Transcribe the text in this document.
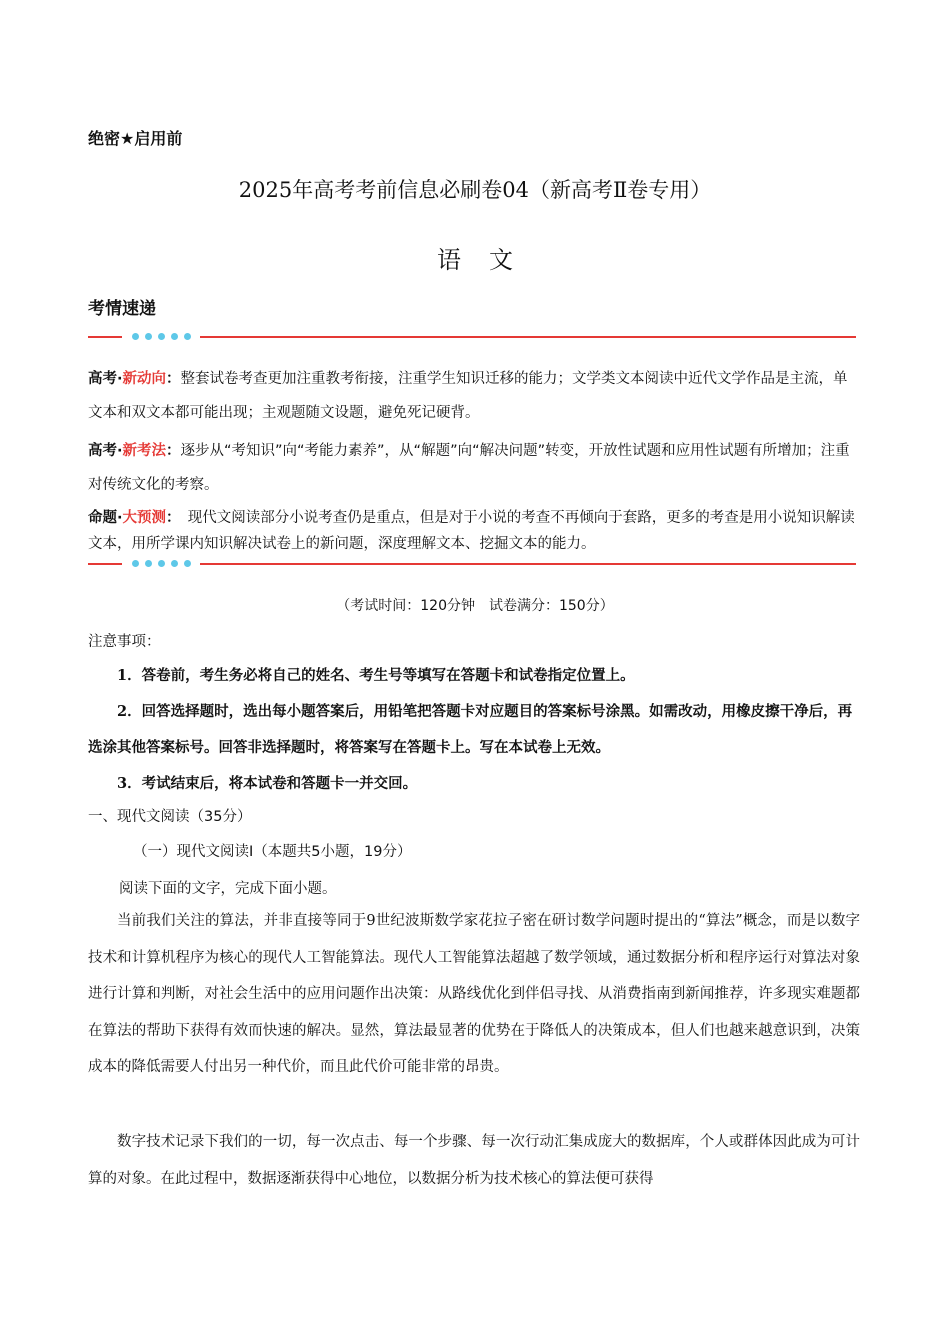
绝密★启用前
2025年高考考前信息必刷卷04（新高考Ⅱ卷专用）
语文
考情速递
高考·新动向：整套试卷考查更加注重教考衔接，注重学生知识迁移的能力；文学类文本阅读中近代文学作品是主流，单文本和双文本都可能出现；主观题随文设题，避免死记硬背。
高考·新考法：逐步从“考知识”向“考能力素养”，从“解题”向“解决问题”转变，开放性试题和应用性试题有所增加；注重对传统文化的考察。
命题·大预测：　 现代文阅读部分小说考查仍是重点，但是对于小说的考查不再倾向于套路，更多的考查是用小说知识解读文本，用所学课内知识解决试卷上的新问题，深度理解文本、挖掘文本的能力。
（考试时间：120分钟　试卷满分：150分）
注意事项：
1．答卷前，考生务必将自己的姓名、考生号等填写在答题卡和试卷指定位置上。
2．回答选择题时，选出每小题答案后，用铅笔把答题卡对应题目的答案标号涂黑。如需改动，用橡皮擦干净后，再选涂其他答案标号。回答非选择题时，将答案写在答题卡上。写在本试卷上无效。
3．考试结束后，将本试卷和答题卡一并交回。
一、现代文阅读（35分）
（一）现代文阅读Ⅰ（本题共5小题，19分）
阅读下面的文字，完成下面小题。
当前我们关注的算法，并非直接等同于9世纪波斯数学家花拉子密在研讨数学问题时提出的“算法”概念，而是以数字技术和计算机程序为核心的现代人工智能算法。现代人工智能算法超越了数学领域，通过数据分析和程序运行对算法对象进行计算和判断，对社会生活中的应用问题作出决策：从路线优化到伴侣寻找、从消费指南到新闻推荐，许多现实难题都在算法的帮助下获得有效而快速的解决。显然，算法最显著的优势在于降低人的决策成本，但人们也越来越意识到，决策成本的降低需要人付出另一种代价，而且此代价可能非常的昂贵。
数字技术记录下我们的一切，每一次点击、每一个步骤、每一次行动汇集成庞大的数据库，个人或群体因此成为可计算的对象。在此过程中，数据逐渐获得中心地位，以数据分析为技术核心的算法便可获得
